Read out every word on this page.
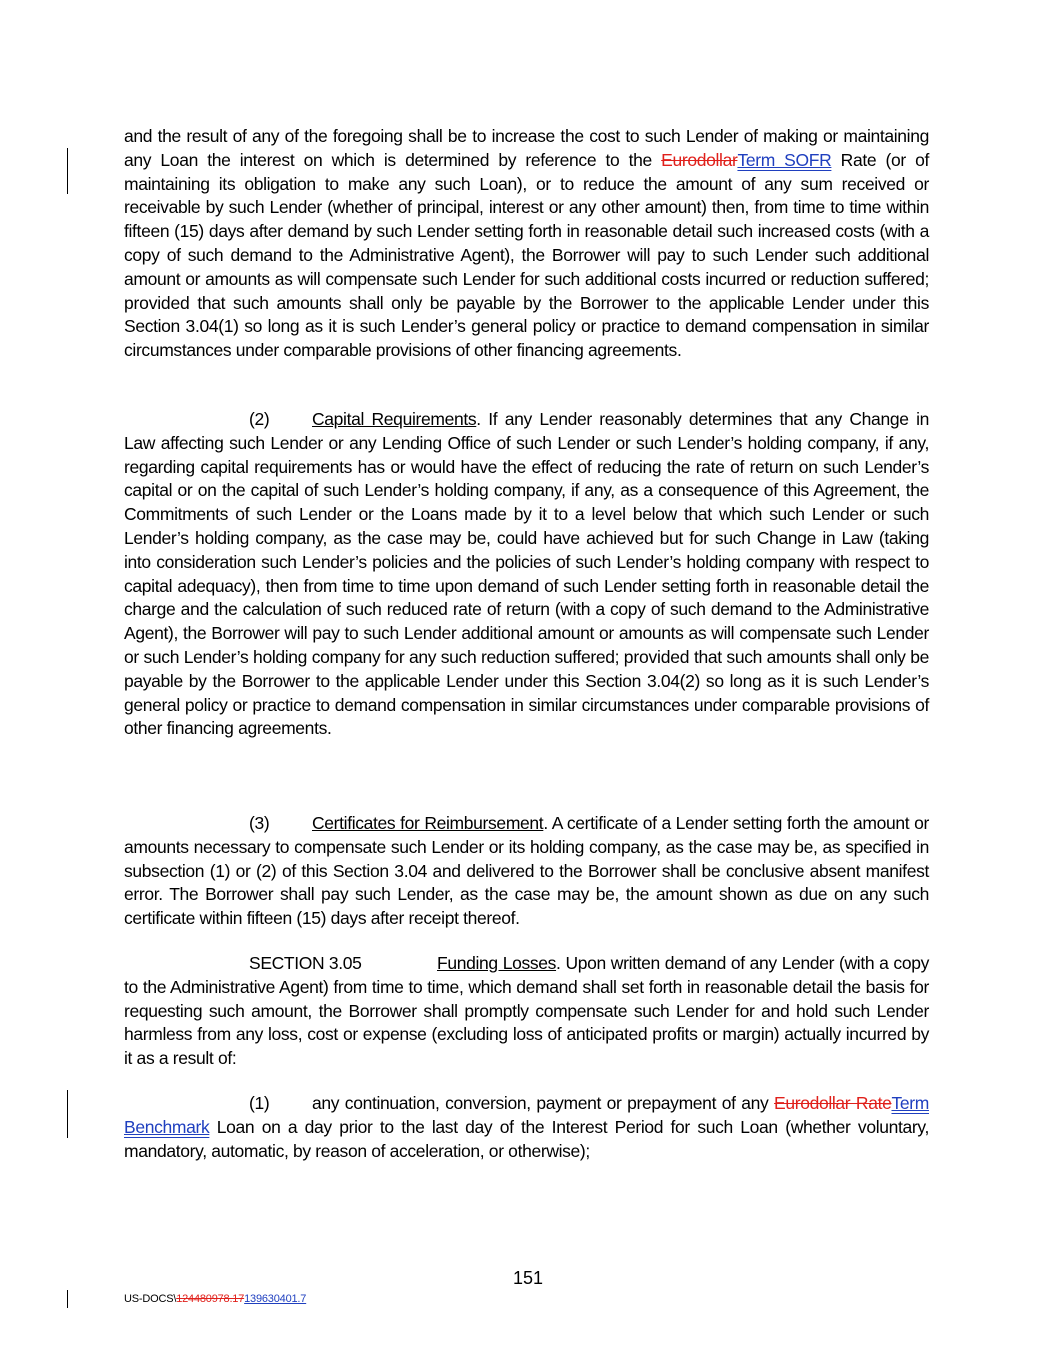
and the result of any of the foregoing shall be to increase the cost to such Lender of making or maintaining any Loan the interest on which is determined by reference to the EurodollarTerm SOFR Rate (or of maintaining its obligation to make any such Loan), or to reduce the amount of any sum received or receivable by such Lender (whether of principal, interest or any other amount) then, from time to time within fifteen (15) days after demand by such Lender setting forth in reasonable detail such increased costs (with a copy of such demand to the Administrative Agent), the Borrower will pay to such Lender such additional amount or amounts as will compensate such Lender for such additional costs incurred or reduction suffered; provided that such amounts shall only be payable by the Borrower to the applicable Lender under this Section 3.04(1) so long as it is such Lender’s general policy or practice to demand compensation in similar circumstances under comparable provisions of other financing agreements.
(2) Capital Requirements. If any Lender reasonably determines that any Change in Law affecting such Lender or any Lending Office of such Lender or such Lender’s holding company, if any, regarding capital requirements has or would have the effect of reducing the rate of return on such Lender’s capital or on the capital of such Lender’s holding company, if any, as a consequence of this Agreement, the Commitments of such Lender or the Loans made by it to a level below that which such Lender or such Lender’s holding company, as the case may be, could have achieved but for such Change in Law (taking into consideration such Lender’s policies and the policies of such Lender’s holding company with respect to capital adequacy), then from time to time upon demand of such Lender setting forth in reasonable detail the charge and the calculation of such reduced rate of return (with a copy of such demand to the Administrative Agent), the Borrower will pay to such Lender additional amount or amounts as will compensate such Lender or such Lender’s holding company for any such reduction suffered; provided that such amounts shall only be payable by the Borrower to the applicable Lender under this Section 3.04(2) so long as it is such Lender’s general policy or practice to demand compensation in similar circumstances under comparable provisions of other financing agreements.
(3) Certificates for Reimbursement. A certificate of a Lender setting forth the amount or amounts necessary to compensate such Lender or its holding company, as the case may be, as specified in subsection (1) or (2) of this Section 3.04 and delivered to the Borrower shall be conclusive absent manifest error. The Borrower shall pay such Lender, as the case may be, the amount shown as due on any such certificate within fifteen (15) days after receipt thereof.
SECTION 3.05	Funding Losses. Upon written demand of any Lender (with a copy to the Administrative Agent) from time to time, which demand shall set forth in reasonable detail the basis for requesting such amount, the Borrower shall promptly compensate such Lender for and hold such Lender harmless from any loss, cost or expense (excluding loss of anticipated profits or margin) actually incurred by it as a result of:
(1) any continuation, conversion, payment or prepayment of any Eurodollar RateTerm Benchmark Loan on a day prior to the last day of the Interest Period for such Loan (whether voluntary, mandatory, automatic, by reason of acceleration, or otherwise);
151
US-DOCS\124480978.17139630401.7
